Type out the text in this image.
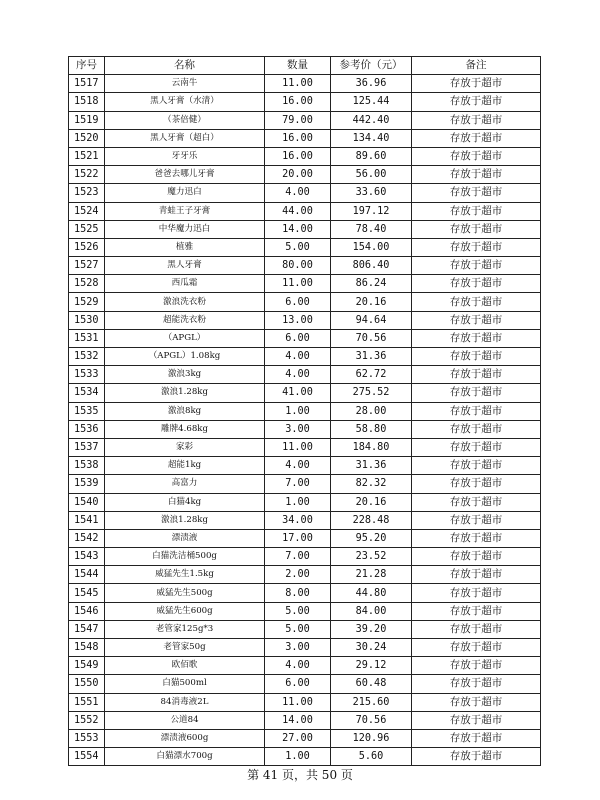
序号	名称	数量	参考价（元）	备注
1517	云南牛	11.00	36.96	存放于超市
1518	黑人牙膏（水清）	16.00	125.44	存放于超市
1519	（茶倍健）	79.00	442.40	存放于超市
1520	黑人牙膏（超白）	16.00	134.40	存放于超市
1521	牙牙乐	16.00	89.60	存放于超市
1522	爸爸去哪儿牙膏	20.00	56.00	存放于超市
1523	魔力迅白	4.00	33.60	存放于超市
1524	青蛙王子牙膏	44.00	197.12	存放于超市
1525	中华魔力迅白	14.00	78.40	存放于超市
1526	植雅	5.00	154.00	存放于超市
1527	黑人牙膏	80.00	806.40	存放于超市
1528	西瓜霜	11.00	86.24	存放于超市
1529	激浪洗衣粉	6.00	20.16	存放于超市
1530	超能洗衣粉	13.00	94.64	存放于超市
1531	（APGL）	6.00	70.56	存放于超市
1532	（APGL）1.08kg	4.00	31.36	存放于超市
1533	激浪3kg	4.00	62.72	存放于超市
1534	激浪1.28kg	41.00	275.52	存放于超市
1535	激浪8kg	1.00	28.00	存放于超市
1536	雕牌4.68kg	3.00	58.80	存放于超市
1537	家彩	11.00	184.80	存放于超市
1538	超能1kg	4.00	31.36	存放于超市
1539	高富力	7.00	82.32	存放于超市
1540	白猫4kg	1.00	20.16	存放于超市
1541	激浪1.28kg	34.00	228.48	存放于超市
1542	漂渍液	17.00	95.20	存放于超市
1543	白猫洗洁桶500g	7.00	23.52	存放于超市
1544	威猛先生1.5kg	2.00	21.28	存放于超市
1545	威猛先生500g	8.00	44.80	存放于超市
1546	威猛先生600g	5.00	84.00	存放于超市
1547	老管家125g*3	5.00	39.20	存放于超市
1548	老管家50g	3.00	30.24	存放于超市
1549	欧佰歌	4.00	29.12	存放于超市
1550	白猫500ml	6.00	60.48	存放于超市
1551	84消毒液2L	11.00	215.60	存放于超市
1552	公道84	14.00	70.56	存放于超市
1553	漂渍液600g	27.00	120.96	存放于超市
1554	白猫漂水700g	1.00	5.60	存放于超市
第 41 页，共 50 页
